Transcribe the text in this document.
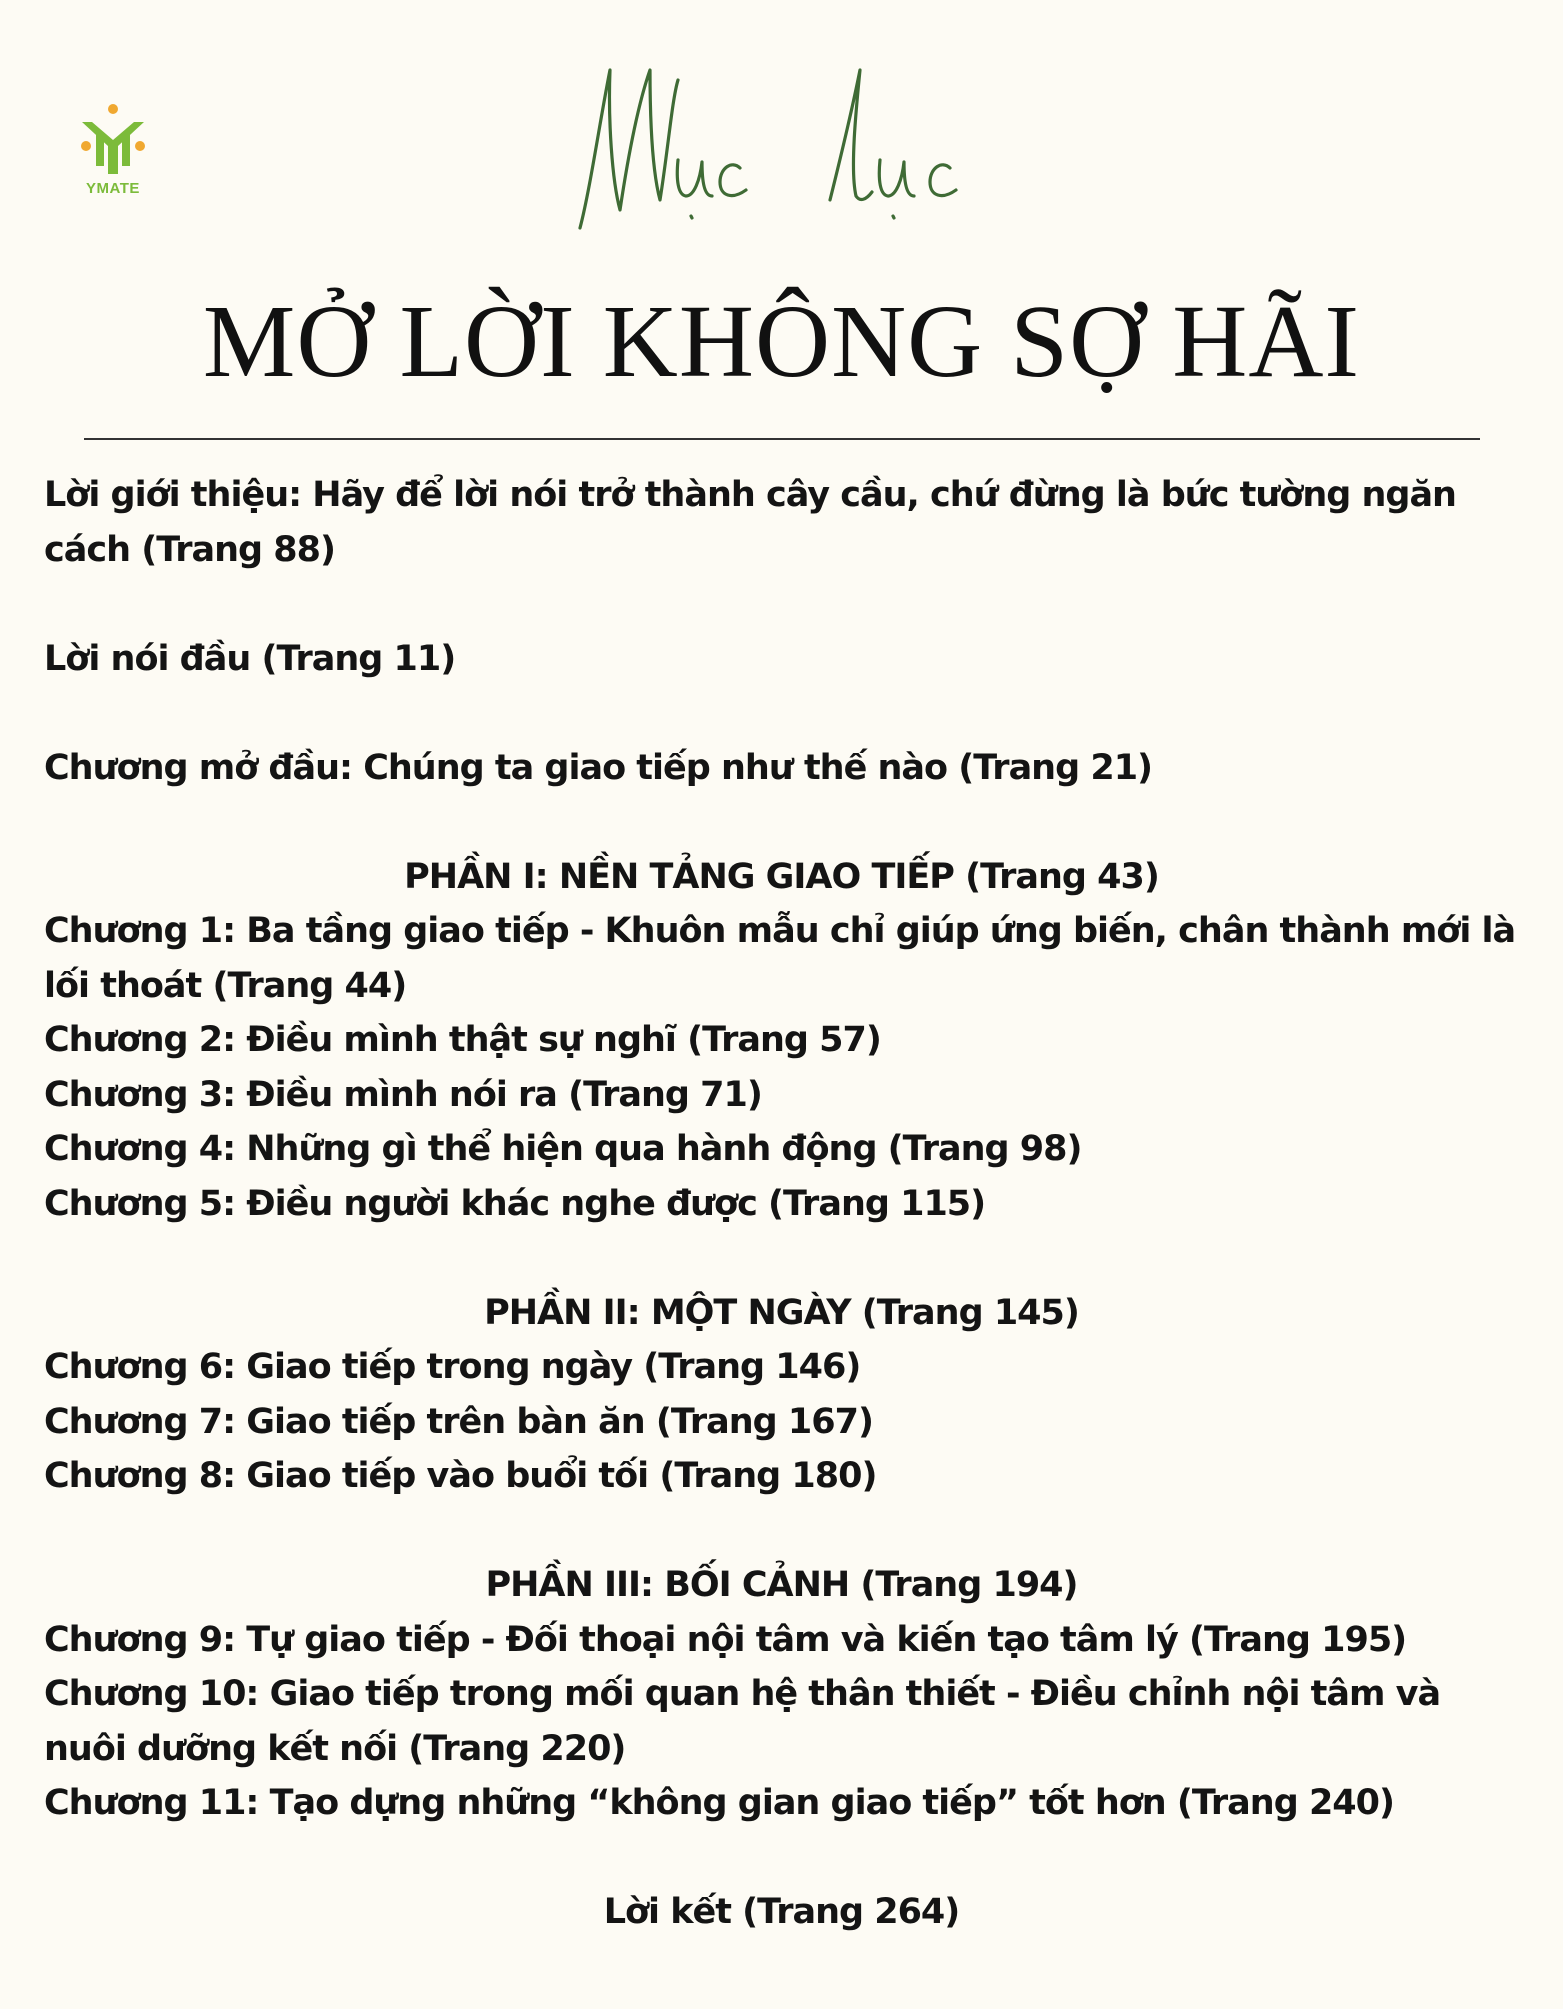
YMATE
Mục lục
MỞ LỜI KHÔNG SỢ HÃI

Lời giới thiệu: Hãy để lời nói trở thành cây cầu, chứ đừng là bức tường ngăn cách (Trang 88)

Lời nói đầu (Trang 11)

Chương mở đầu: Chúng ta giao tiếp như thế nào (Trang 21)

PHẦN I: NỀN TẢNG GIAO TIẾP (Trang 43)

Chương 1: Ba tầng giao tiếp - Khuôn mẫu chỉ giúp ứng biến, chân thành mới là lối thoát (Trang 44)

Chương 2: Điều mình thật sự nghĩ (Trang 57)

Chương 3: Điều mình nói ra (Trang 71)

Chương 4: Những gì thể hiện qua hành động (Trang 98)

Chương 5: Điều người khác nghe được (Trang 115)

PHẦN II: MỘT NGÀY (Trang 145)

Chương 6: Giao tiếp trong ngày (Trang 146)

Chương 7: Giao tiếp trên bàn ăn (Trang 167)

Chương 8: Giao tiếp vào buổi tối (Trang 180)

PHẦN III: BỐI CẢNH (Trang 194)

Chương 9: Tự giao tiếp - Đối thoại nội tâm và kiến tạo tâm lý (Trang 195)

Chương 10: Giao tiếp trong mối quan hệ thân thiết - Điều chỉnh nội tâm và nuôi dưỡng kết nối (Trang 220)

Chương 11: Tạo dựng những “không gian giao tiếp” tốt hơn (Trang 240)

Lời kết (Trang 264)
